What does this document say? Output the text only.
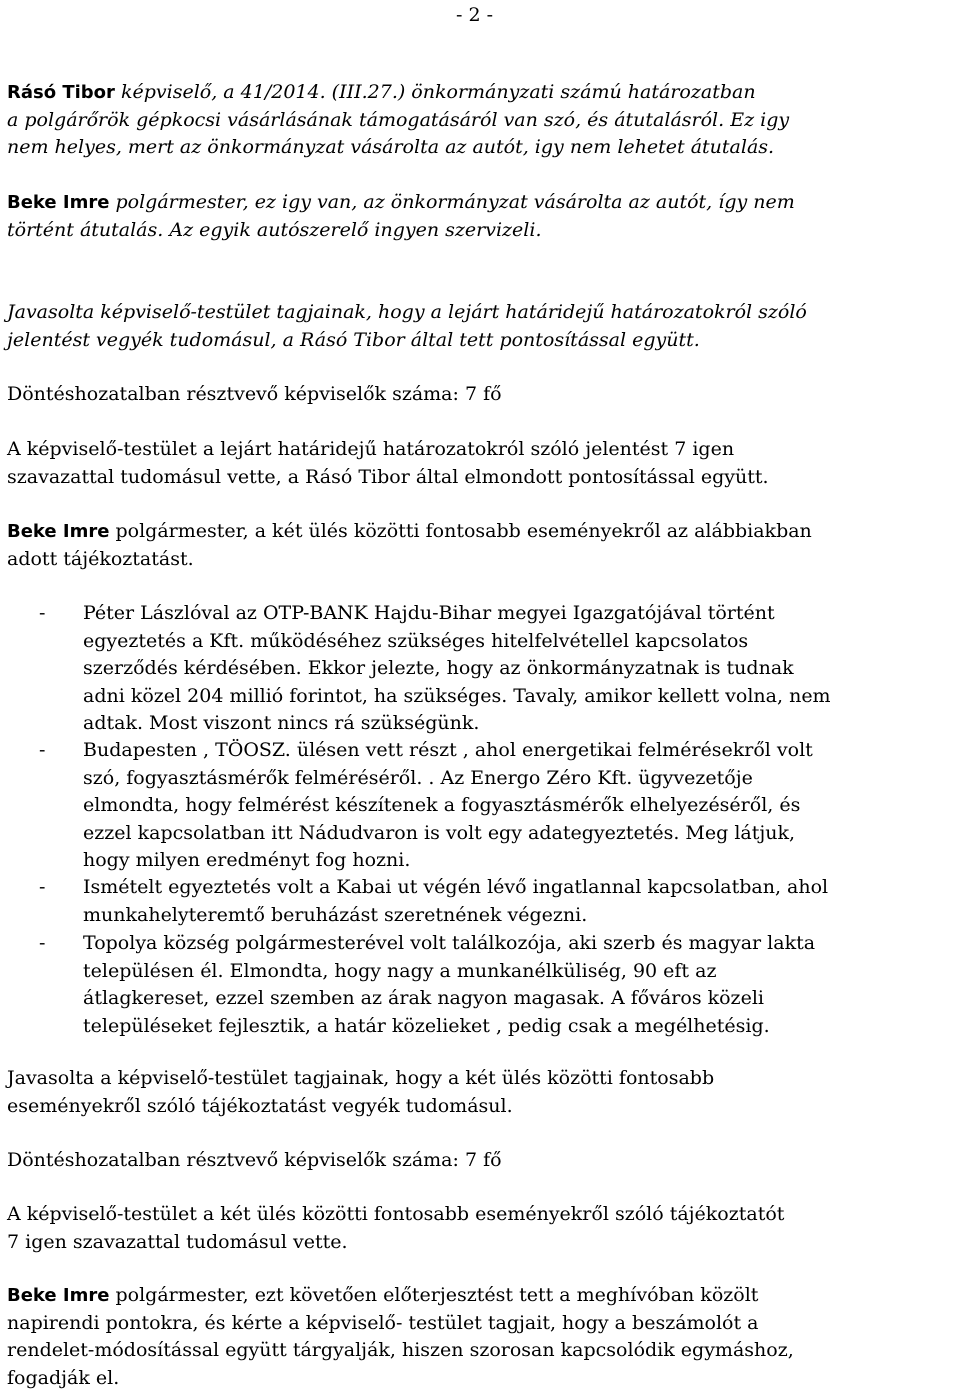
- 2 -

Rásó Tibor képviselő, a 41/2014. (III.27.) önkormányzati számú határozatban

a polgárőrök gépkocsi vásárlásának támogatásáról van szó, és átutalásról. Ez igy

nem helyes, mert az önkormányzat vásárolta az autót, igy nem lehetet átutalás.

Beke Imre polgármester, ez igy van, az önkormányzat vásárolta az autót, így nem

történt átutalás. Az egyik autószerelő ingyen szervizeli.

Javasolta képviselő-testület tagjainak, hogy a lejárt határidejű határozatokról szóló

jelentést vegyék tudomásul, a Rásó Tibor által tett pontosítással együtt.

Döntéshozatalban résztvevő képviselők száma: 7 fő

A képviselő-testület a lejárt határidejű határozatokról szóló jelentést 7 igen

szavazattal tudomásul vette, a Rásó Tibor által elmondott pontosítással együtt.

Beke Imre polgármester, a két ülés közötti fontosabb eseményekről az alábbiakban

adott tájékoztatást.

- Péter Lászlóval az OTP-BANK Hajdu-Bihar megyei Igazgatójával történt

egyeztetés a Kft. működéséhez szükséges hitelfelvétellel kapcsolatos

szerződés kérdésében. Ekkor jelezte, hogy az önkormányzatnak is tudnak

adni közel 204 millió forintot, ha szükséges. Tavaly, amikor kellett volna, nem

adtak. Most viszont nincs rá szükségünk.

- Budapesten , TÖOSZ. ülésen vett részt , ahol energetikai felmérésekről volt

szó, fogyasztásmérők felméréséről. . Az Energo Zéro Kft. ügyvezetője

elmondta, hogy felmérést készítenek a fogyasztásmérők elhelyezéséről, és

ezzel kapcsolatban itt Nádudvaron is volt egy adategyeztetés. Meg látjuk,

hogy milyen eredményt fog hozni.

- Ismételt egyeztetés volt a Kabai ut végén lévő ingatlannal kapcsolatban, ahol

munkahelyteremtő beruházást szeretnének végezni.

- Topolya község polgármesterével volt találkozója, aki szerb és magyar lakta

településen él. Elmondta, hogy nagy a munkanélküliség, 90 eft az

átlagkereset, ezzel szemben az árak nagyon magasak. A főváros közeli

településeket fejlesztik, a határ közelieket , pedig csak a megélhetésig.

Javasolta a képviselő-testület tagjainak, hogy a két ülés közötti fontosabb

eseményekről szóló tájékoztatást vegyék tudomásul.

Döntéshozatalban résztvevő képviselők száma: 7 fő

A képviselő-testület a két ülés közötti fontosabb eseményekről szóló tájékoztatót

7 igen szavazattal tudomásul vette.

Beke Imre polgármester, ezt követően előterjesztést tett a meghívóban közölt

napirendi pontokra, és kérte a képviselő- testület tagjait, hogy a beszámolót a

rendelet-módosítással együtt tárgyalják, hiszen szorosan kapcsolódik egymáshoz,

fogadják el.
